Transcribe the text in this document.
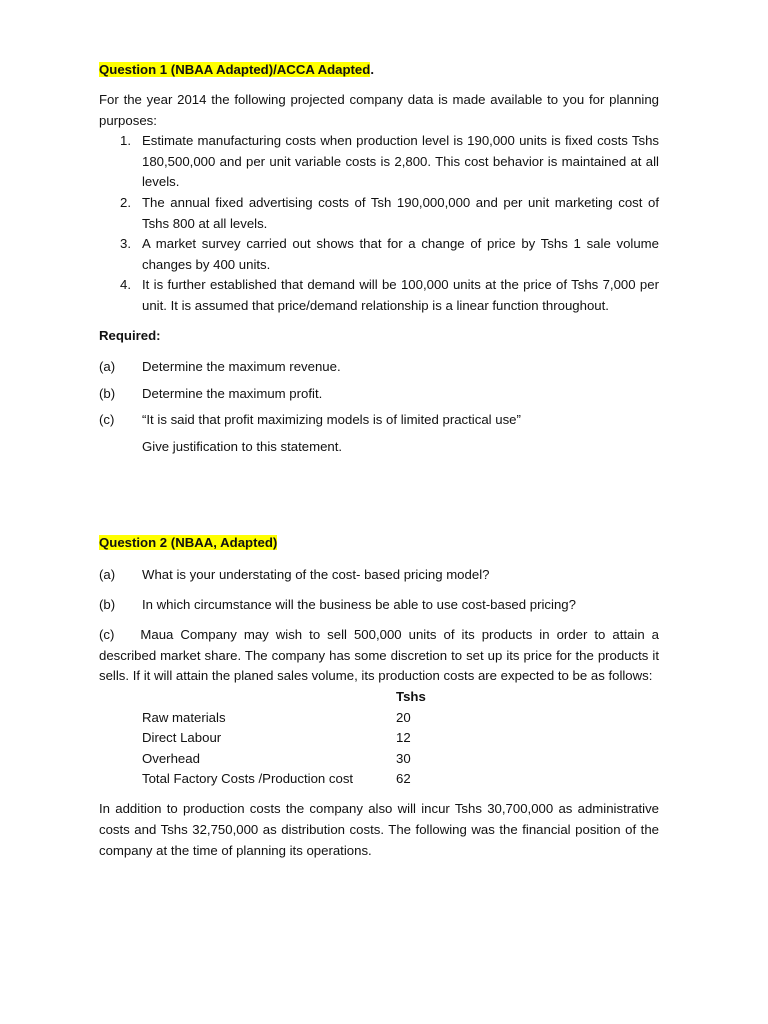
Question 1 (NBAA Adapted)/ACCA Adapted.

For the year 2014 the following projected company data is made available to you for planning purposes:

1. Estimate manufacturing costs when production level is 190,000 units is fixed costs Tshs 180,500,000 and per unit variable costs is 2,800. This cost behavior is maintained at all levels.
2. The annual fixed advertising costs of Tsh 190,000,000 and per unit marketing cost of Tshs 800 at all levels.
3. A market survey carried out shows that for a change of price by Tshs 1 sale volume changes by 400 units.
4. It is further established that demand will be 100,000 units at the price of Tshs 7,000 per unit. It is assumed that price/demand relationship is a linear function throughout.
Required:
(a) Determine the maximum revenue.
(b) Determine the maximum profit.
(c) “It is said that profit maximizing models is of limited practical use”
Give justification to this statement.
Question 2 (NBAA, Adapted)
(a) What is your understating of the cost- based pricing model?
(b) In which circumstance will the business be able to use cost-based pricing?

(c) Maua Company may wish to sell 500,000 units of its products in order to attain a described market share. The company has some discretion to set up its price for the products it sells. If it will attain the planed sales volume, its production costs are expected to be as follows:

	Tshs
Raw materials	20
Direct Labour	12
Overhead	30
Total Factory Costs /Production cost	62

In addition to production costs the company also will incur Tshs 30,700,000 as administrative costs and Tshs 32,750,000 as distribution costs. The following was the financial position of the company at the time of planning its operations.
